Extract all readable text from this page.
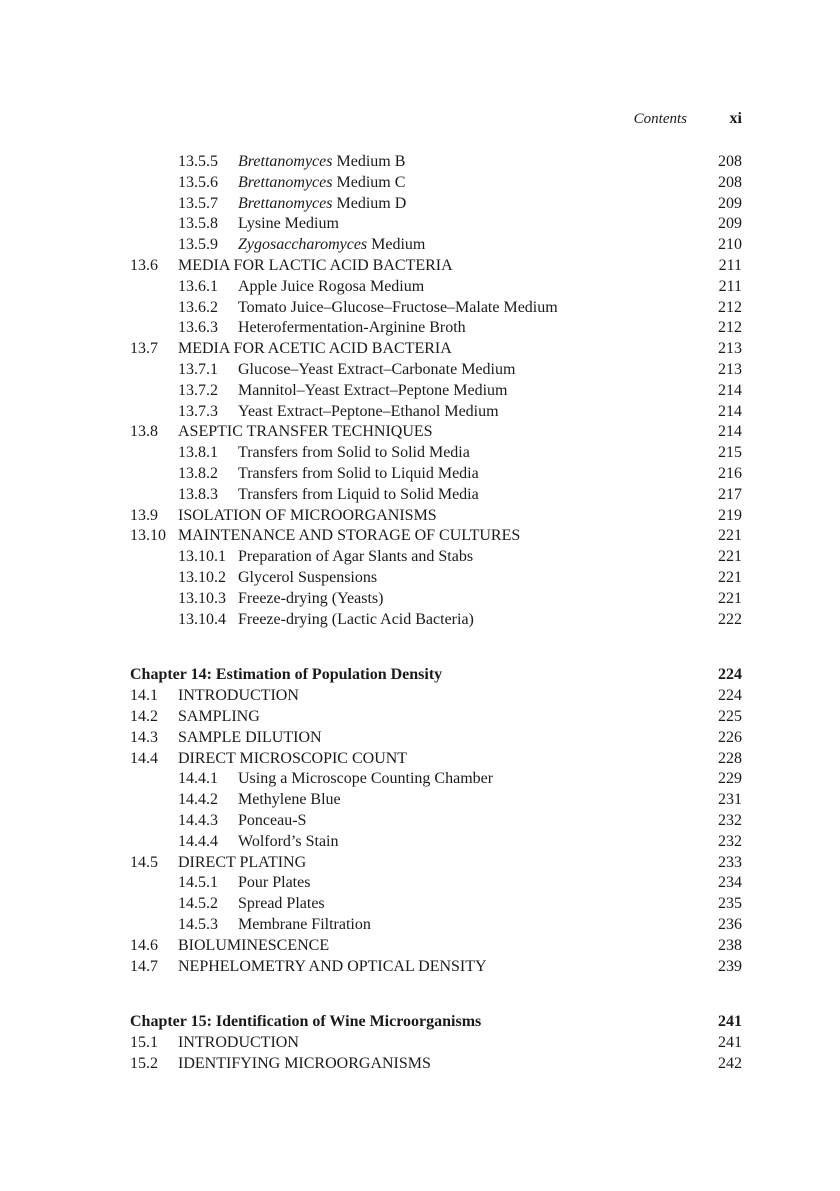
Contents	xi
13.5.5 Brettanomyces Medium B	208
13.5.6 Brettanomyces Medium C	208
13.5.7 Brettanomyces Medium D	209
13.5.8 Lysine Medium	209
13.5.9 Zygosaccharomyces Medium	210
13.6 MEDIA FOR LACTIC ACID BACTERIA	211
13.6.1 Apple Juice Rogosa Medium	211
13.6.2 Tomato Juice–Glucose–Fructose–Malate Medium	212
13.6.3 Heterofermentation-Arginine Broth	212
13.7 MEDIA FOR ACETIC ACID BACTERIA	213
13.7.1 Glucose–Yeast Extract–Carbonate Medium	213
13.7.2 Mannitol–Yeast Extract–Peptone Medium	214
13.7.3 Yeast Extract–Peptone–Ethanol Medium	214
13.8 ASEPTIC TRANSFER TECHNIQUES	214
13.8.1 Transfers from Solid to Solid Media	215
13.8.2 Transfers from Solid to Liquid Media	216
13.8.3 Transfers from Liquid to Solid Media	217
13.9 ISOLATION OF MICROORGANISMS	219
13.10 MAINTENANCE AND STORAGE OF CULTURES	221
13.10.1 Preparation of Agar Slants and Stabs	221
13.10.2 Glycerol Suspensions	221
13.10.3 Freeze-drying (Yeasts)	221
13.10.4 Freeze-drying (Lactic Acid Bacteria)	222
Chapter 14: Estimation of Population Density	224
14.1 INTRODUCTION	224
14.2 SAMPLING	225
14.3 SAMPLE DILUTION	226
14.4 DIRECT MICROSCOPIC COUNT	228
14.4.1 Using a Microscope Counting Chamber	229
14.4.2 Methylene Blue	231
14.4.3 Ponceau-S	232
14.4.4 Wolford’s Stain	232
14.5 DIRECT PLATING	233
14.5.1 Pour Plates	234
14.5.2 Spread Plates	235
14.5.3 Membrane Filtration	236
14.6 BIOLUMINESCENCE	238
14.7 NEPHELOMETRY AND OPTICAL DENSITY	239
Chapter 15: Identification of Wine Microorganisms	241
15.1 INTRODUCTION	241
15.2 IDENTIFYING MICROORGANISMS	242
